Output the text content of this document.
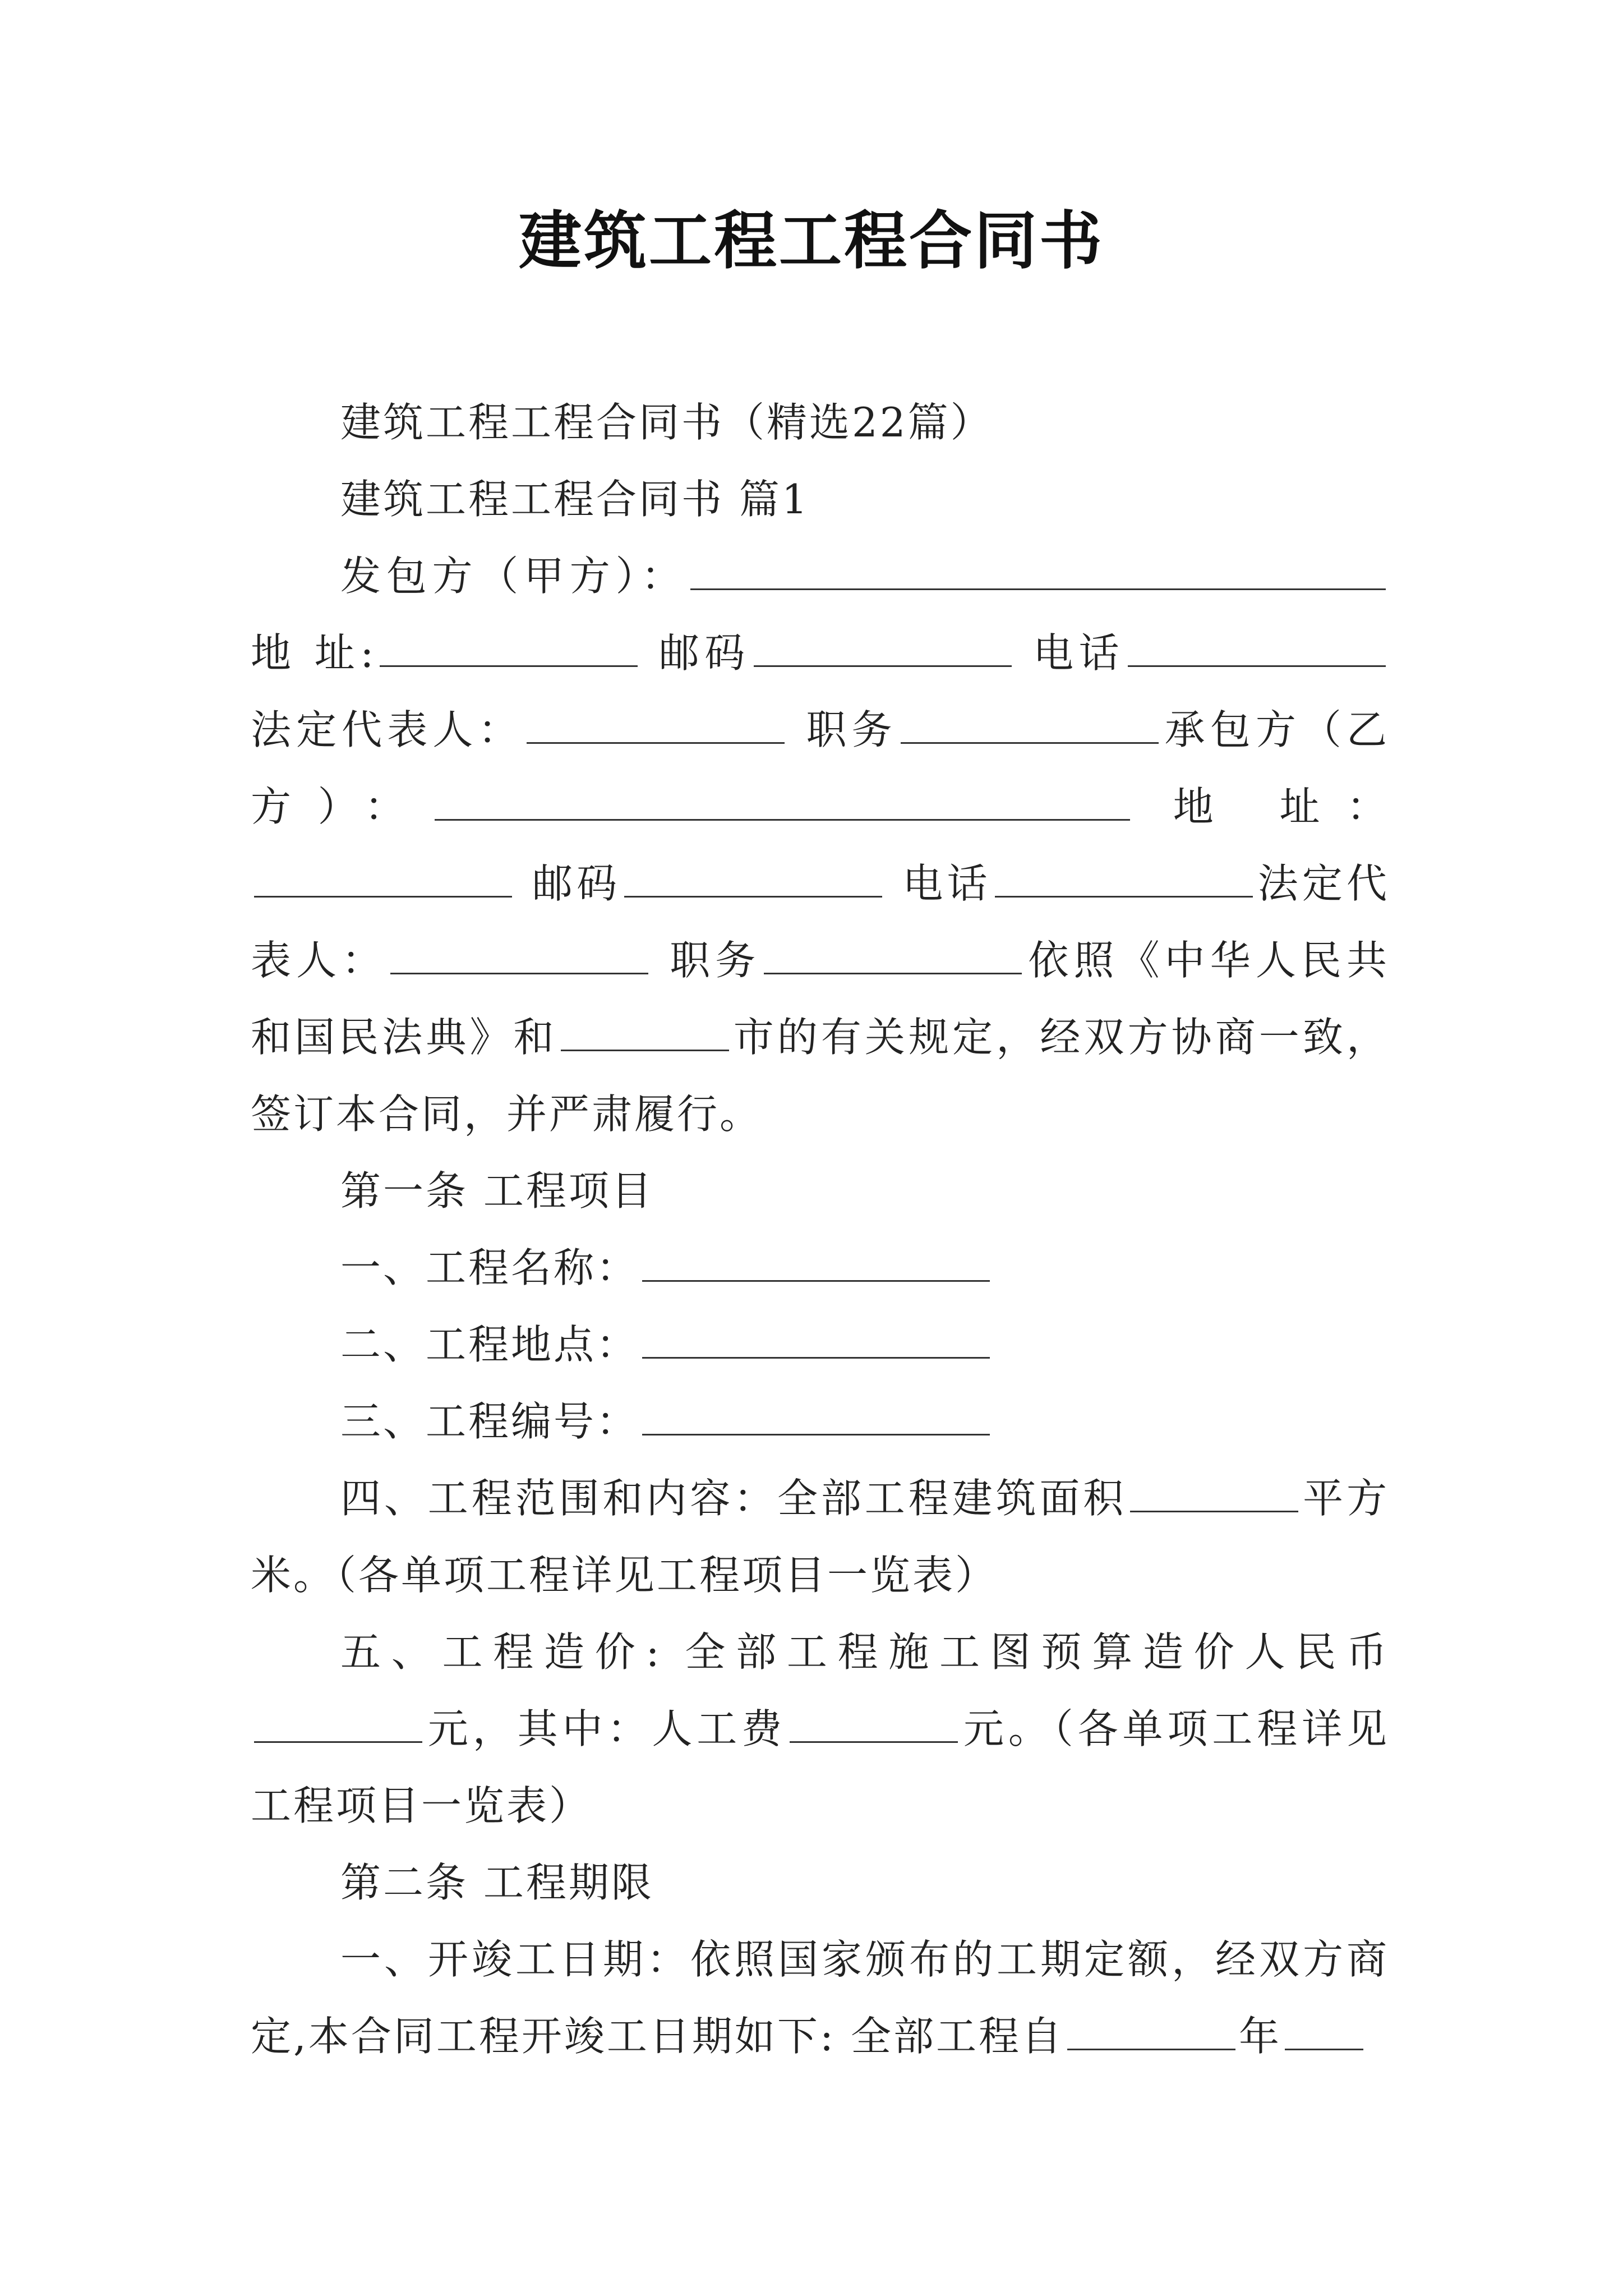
建筑工程工程合同书

建筑工程工程合同书（精选22篇）

建筑工程工程合同书 篇1

发包方（甲方）：地 址:	邮码	电话法定代表人：	职务	承包方（乙方）：	地 址： 邮码	电话	法定代表人：	职务	依照《中华人民共和国民法典》和	市的有关规定，经双方协商一致，签订本合同，并严肃履行。

第一条 工程项目

一、工程名称：

二、工程地点：

三、工程编号：

四、工程范围和内容：全部工程建筑面积	平方米。（各单项工程详见工程项目一览表）

五、工程造价: 全部工程施工图预算造价人民币元，其中：人工费	元。（各单项工程详见工程项目一览表）

第二条 工程期限

一、开竣工日期：依照国家颁布的工期定额，经双方商定,本合同工程开竣工日期如下: 全部工程自	年
